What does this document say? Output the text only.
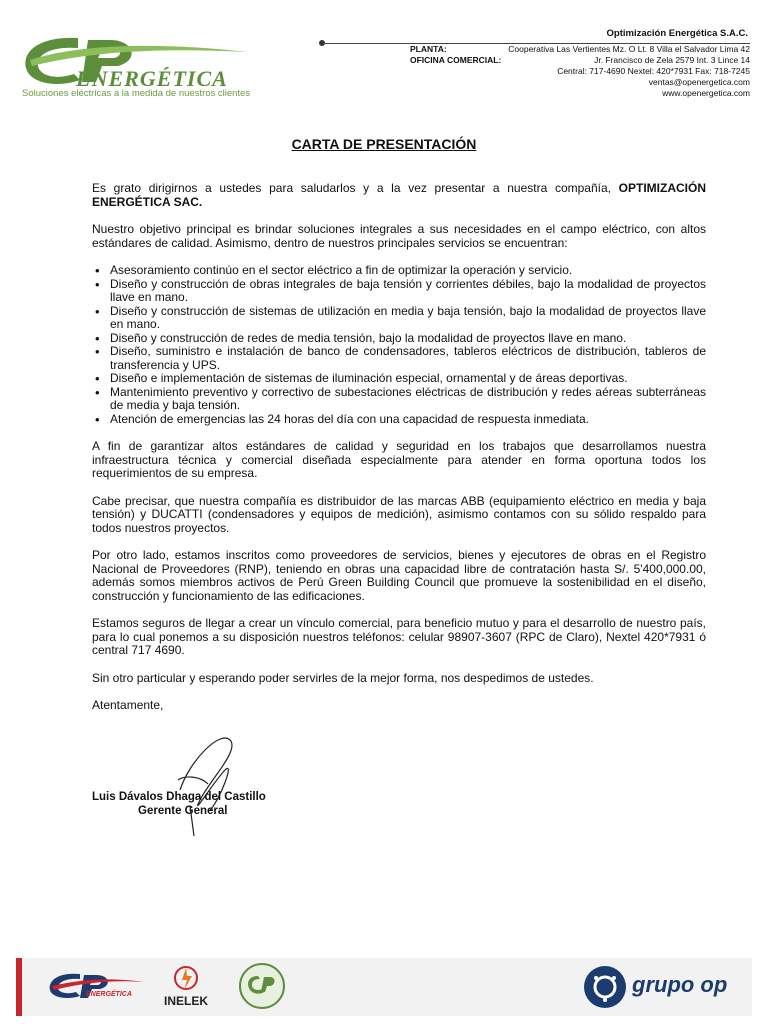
ENERGÉTICA
Soluciones eléctricas a la medida de nuestros clientes
Optimización Energética S.A.C.
PLANTA:	Cooperativa Las Vertientes Mz. O Lt. 8 Villa el Salvador Lima 42
OFICINA COMERCIAL:	Jr. Francisco de Zela 2579 Int. 3 Lince 14
Central: 717-4690 Nextel: 420*7931 Fax: 718-7245
ventas@openergetica.com
www.openergetica.com
CARTA DE PRESENTACIÓN

Es grato dirigirnos a ustedes para saludarlos y a la vez presentar a nuestra compañía, OPTIMIZACIÓN ENERGÉTICA SAC.

Nuestro objetivo principal es brindar soluciones integrales a sus necesidades en el campo eléctrico, con altos estándares de calidad. Asimismo, dentro de nuestros principales servicios se encuentran:

• Asesoramiento continúo en el sector eléctrico a fin de optimizar la operación y servicio.
• Diseño y construcción de obras integrales de baja tensión y corrientes débiles, bajo la modalidad de proyectos llave en mano.
• Diseño y construcción de sistemas de utilización en media y baja tensión, bajo la modalidad de proyectos llave en mano.
• Diseño y construcción de redes de media tensión, bajo la modalidad de proyectos llave en mano.
• Diseño, suministro e instalación de banco de condensadores, tableros eléctricos de distribución, tableros de transferencia y UPS.
• Diseño e implementación de sistemas de iluminación especial, ornamental y de áreas deportivas.
• Mantenimiento preventivo y correctivo de subestaciones eléctricas de distribución y redes aéreas subterráneas de media y baja tensión.
• Atención de emergencias las 24 horas del día con una capacidad de respuesta inmediata.

A fin de garantizar altos estándares de calidad y seguridad en los trabajos que desarrollamos nuestra infraestructura técnica y comercial diseñada especialmente para atender en forma oportuna todos los requerimientos de su empresa.

Cabe precisar, que nuestra compañía es distribuidor de las marcas ABB (equipamiento eléctrico en media y baja tensión) y DUCATTI (condensadores y equipos de medición), asimismo contamos con su sólido respaldo para todos nuestros proyectos.

Por otro lado, estamos inscritos como proveedores de servicios, bienes y ejecutores de obras en el Registro Nacional de Proveedores (RNP), teniendo en obras una capacidad libre de contratación hasta S/. 5'400,000.00, además somos miembros activos de Perú Green Building Council que promueve la sostenibilidad en el diseño, construcción y funcionamiento de las edificaciones.

Estamos seguros de llegar a crear un vínculo comercial, para beneficio mutuo y para el desarrollo de nuestro país, para lo cual ponemos a su disposición nuestros teléfonos: celular 98907-3607 (RPC de Claro), Nextel 420*7931 ó central 717 4690.

Sin otro particular y esperando poder servirles de la mejor forma, nos despedimos de ustedes.

Atentamente,

Luis Dávalos Dhaga del Castillo
Gerente General
ENERGÉTICA	INELEK
grupo op
